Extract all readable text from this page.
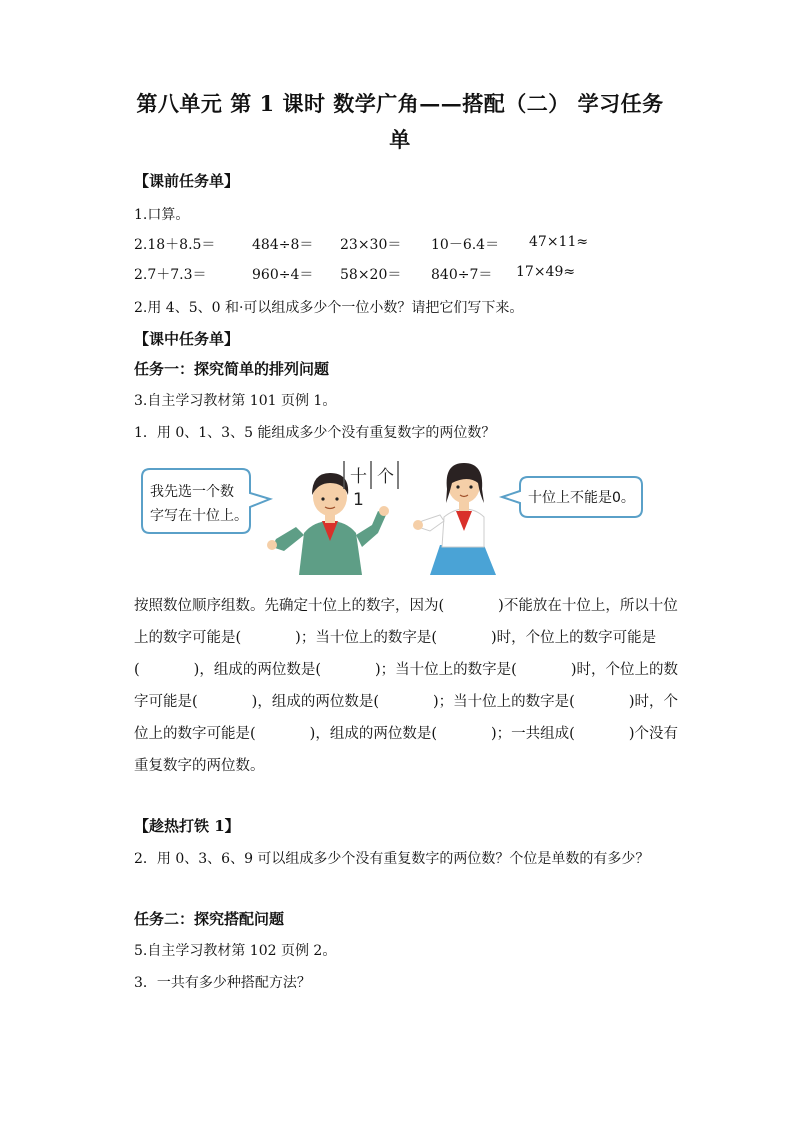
第八单元 第 1 课时 数学广角——搭配（二） 学习任务
单
【课前任务单】
1.口算。
2.18＋8.5＝	484÷8＝ 23×30＝ 10－6.4＝ 47×11≈
2.7＋7.3＝	960÷4＝ 58×20＝ 840÷7＝ 17×49≈
2.用 4、5、0 和·可以组成多少个一位小数？请把它们写下来。
【课中任务单】
任务一：探究简单的排列问题
3.自主学习教材第 101 页例 1。
1．用 0、1、3、5 能组成多少个没有重复数字的两位数？
我先选一个数
字写在十位上。
十 个
1	十位上不能是0。

按照数位顺序组数。先确定十位上的数字，因为(	)不能放在十位上，所以十位

上的数字可能是(	)；当十位上的数字是(	)时，个位上的数字可能是

(	)，组成的两位数是(	)；当十位上的数字是(	)时，个位上的数

字可能是(	)，组成的两位数是(	)；当十位上的数字是(	)时，个

位上的数字可能是(	)，组成的两位数是(	)；一共组成(	)个没有

重复数字的两位数。

【趁热打铁 1】
2．用 0、3、6、9 可以组成多少个没有重复数字的两位数？个位是单数的有多少？
任务二：探究搭配问题
5.自主学习教材第 102 页例 2。
3．一共有多少种搭配方法？
